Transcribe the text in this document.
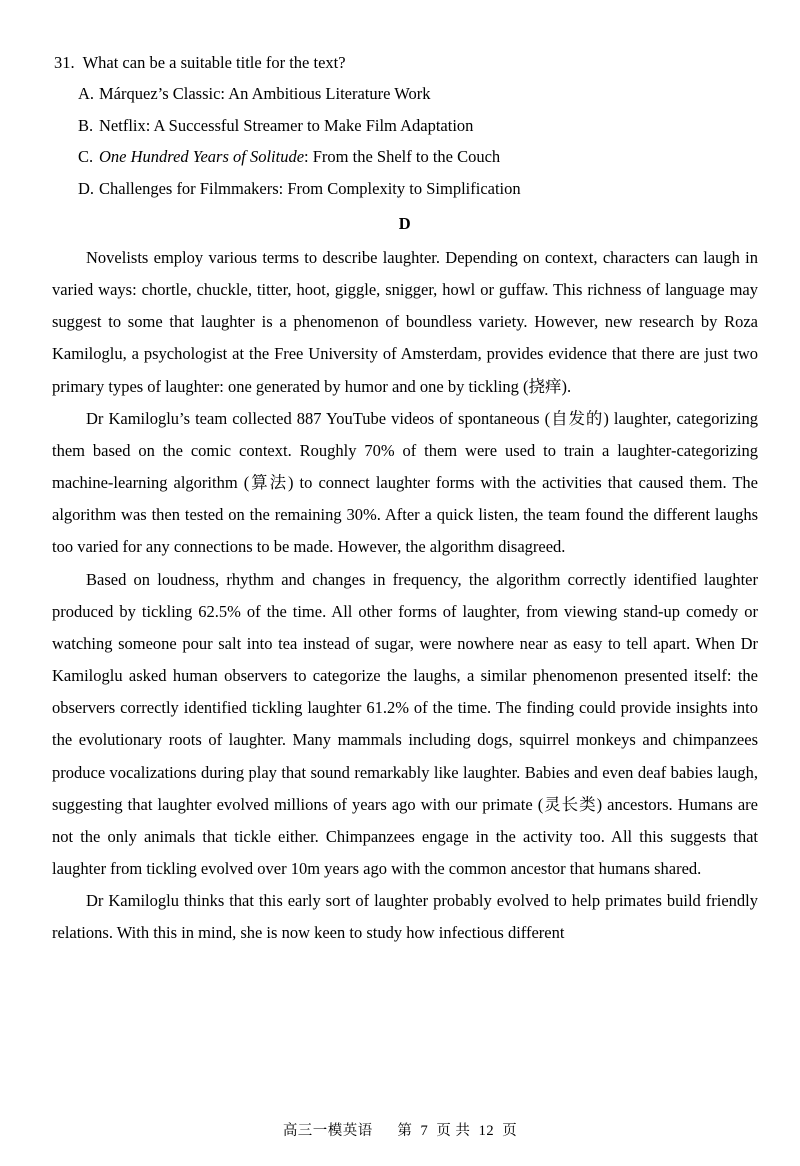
31. What can be a suitable title for the text?

A. Márquez’s Classic: An Ambitious Literature Work
B. Netflix: A Successful Streamer to Make Film Adaptation
C. One Hundred Years of Solitude: From the Shelf to the Couch
D. Challenges for Filmmakers: From Complexity to Simplification
D

Novelists employ various terms to describe laughter. Depending on context, characters can laugh in varied ways: chortle, chuckle, titter, hoot, giggle, snigger, howl or guffaw. This richness of language may suggest to some that laughter is a phenomenon of boundless variety. However, new research by Roza Kamiloglu, a psychologist at the Free University of Amsterdam, provides evidence that there are just two primary types of laughter: one generated by humor and one by tickling (挠痒).

Dr Kamiloglu’s team collected 887 YouTube videos of spontaneous (自发的) laughter, categorizing them based on the comic context. Roughly 70% of them were used to train a laughter-categorizing machine-learning algorithm (算法) to connect laughter forms with the activities that caused them. The algorithm was then tested on the remaining 30%. After a quick listen, the team found the different laughs too varied for any connections to be made. However, the algorithm disagreed.

Based on loudness, rhythm and changes in frequency, the algorithm correctly identified laughter produced by tickling 62.5% of the time. All other forms of laughter, from viewing stand-up comedy or watching someone pour salt into tea instead of sugar, were nowhere near as easy to tell apart. When Dr Kamiloglu asked human observers to categorize the laughs, a similar phenomenon presented itself: the observers correctly identified tickling laughter 61.2% of the time. The finding could provide insights into the evolutionary roots of laughter. Many mammals including dogs, squirrel monkeys and chimpanzees produce vocalizations during play that sound remarkably like laughter. Babies and even deaf babies laugh, suggesting that laughter evolved millions of years ago with our primate (灵长类) ancestors. Humans are not the only animals that tickle either. Chimpanzees engage in the activity too. All this suggests that laughter from tickling evolved over 10m years ago with the common ancestor that humans shared.

Dr Kamiloglu thinks that this early sort of laughter probably evolved to help primates build friendly relations. With this in mind, she is now keen to study how infectious different

高三一模英语 第 7 页 共 12 页
